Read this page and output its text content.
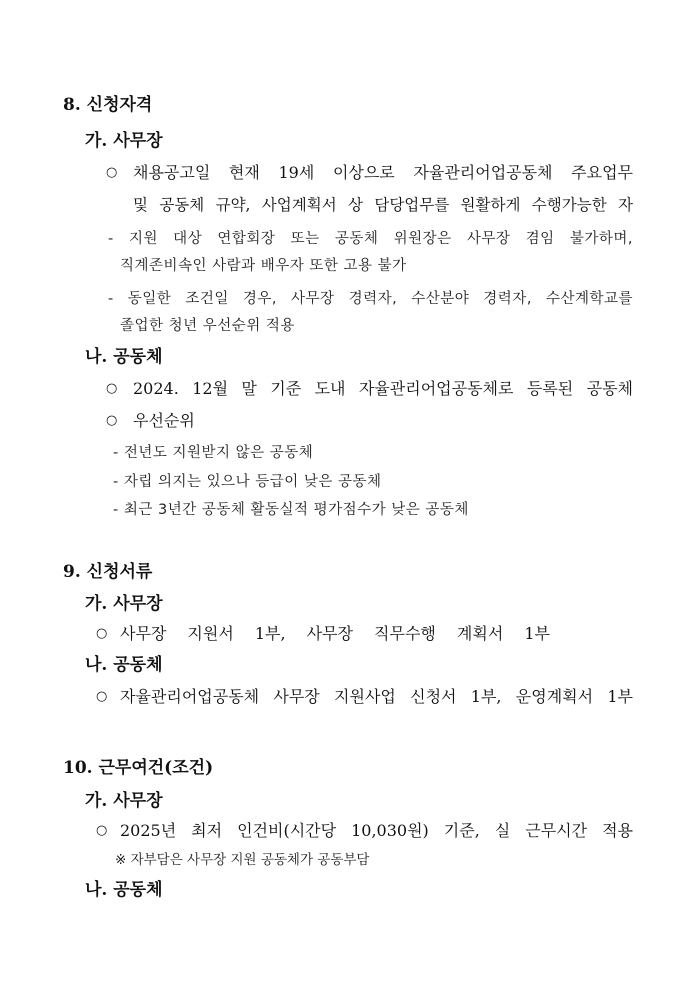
8. 신청자격
가. 사무장
○ 채용공고일 현재 19세 이상으로 자율관리어업공동체 주요업무
및 공동체 규약, 사업계획서 상 담당업무를 원활하게 수행가능한 자
- 지원 대상 연합회장 또는 공동체 위원장은 사무장 겸임 불가하며,
직계존비속인 사람과 배우자 또한 고용 불가
- 동일한 조건일 경우, 사무장 경력자, 수산분야 경력자, 수산계학교를
졸업한 청년 우선순위 적용
나. 공동체
○ 2024. 12월 말 기준 도내 자율관리어업공동체로 등록된 공동체
○ 우선순위
- 전년도 지원받지 않은 공동체
- 자립 의지는 있으나 등급이 낮은 공동체
- 최근 3년간 공동체 활동실적 평가점수가 낮은 공동체
9. 신청서류
가. 사무장
○ 사무장 지원서 1부, 사무장 직무수행 계획서 1부
나. 공동체
○ 자율관리어업공동체 사무장 지원사업 신청서 1부, 운영계획서 1부
10. 근무여건(조건)
가. 사무장
○ 2025년 최저 인건비(시간당 10,030원) 기준, 실 근무시간 적용
※ 자부담은 사무장 지원 공동체가 공동부담
나. 공동체
